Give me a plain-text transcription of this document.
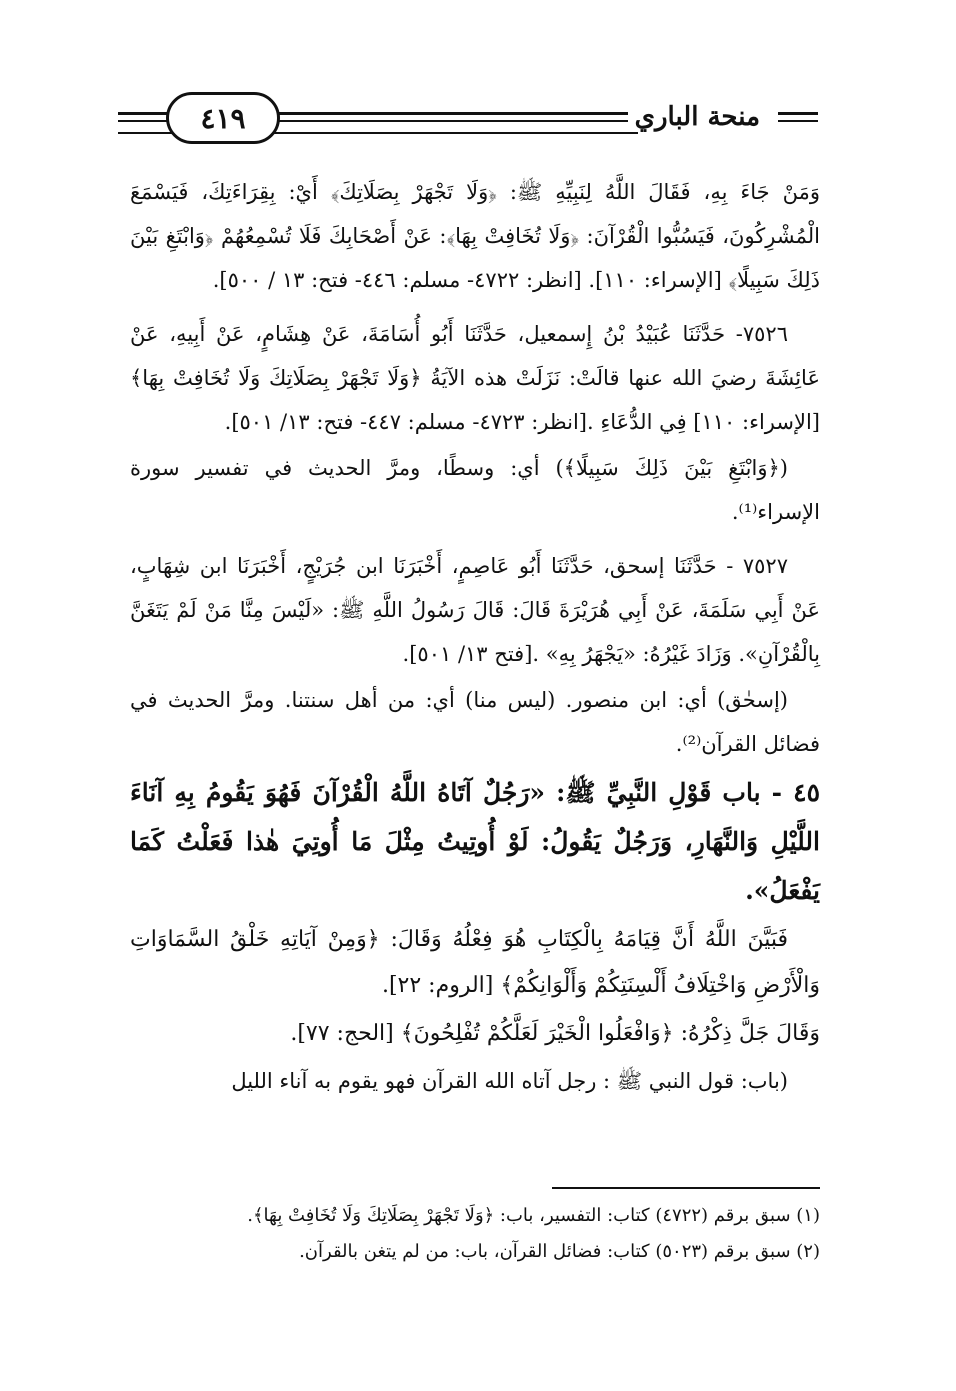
٤١٩	منحة الباري

وَمَنْ جَاءَ بِهِ، فَقَالَ اللَّهُ لِنَبِيِّهِ ﷺ: ﴿وَلَا تَجْهَرْ بِصَلَاتِكَ﴾ أَيْ: بِقِرَاءَتِكَ، فَيَسْمَعَ الْمُشْرِكُونَ، فَيَسُبُّوا الْقُرْآنَ: ﴿وَلَا تُخَافِتْ بِهَا﴾: عَنْ أَصْحَابِكَ فَلَا تُسْمِعُهُمْ ﴿وَابْتَغِ بَيْنَ ذَلِكَ سَبِيلًا﴾ [الإسراء: ١١٠]. [انظر: ٤٧٢٢- مسلم: ٤٤٦- فتح: ١٣ / ٥٠٠].

٧٥٢٦- حَدَّثَنَا عُبَيْدُ بْنُ إِسمعيل، حَدَّثَنَا أَبُو أُسَامَةَ، عَنْ هِشَامٍ، عَنْ أَبِيهِ، عَنْ عَائِشَةَ رضيَ الله عنها قالَتْ: نَزَلَتْ هذه الآيَةُ ﴿وَلَا تَجْهَرْ بِصَلَاتِكَ وَلَا تُخَافِتْ بِهَا﴾ [الإسراء: ١١٠] فِي الدُّعَاءِ .[انظر: ٤٧٢٣- مسلم: ٤٤٧- فتح: ١٣/ ٥٠١].

(﴿وَابْتَغِ بَيْنَ ذَلِكَ سَبِيلًا﴾) أي: وسطًا، ومرَّ الحديث في تفسير سورة الإسراء⁽¹⁾.

٧٥٢٧ - حَدَّثَنَا إسحق، حَدَّثَنَا أَبُو عَاصِمٍ، أَخْبَرَنَا ابن جُرَيْجٍ، أَخْبَرَنَا ابن شِهَابٍ، عَنْ أَبِي سَلَمَةَ، عَنْ أَبِي هُرَيْرَةَ قَالَ: قَالَ رَسُولُ اللَّهِ ﷺ: «لَيْسَ مِنَّا مَنْ لَمْ يَتَغَنَّ بِالْقُرْآنِ». وَزَادَ غَيْرُهُ: «يَجْهَرُ بِهِ» .[فتح ١٣/ ٥٠١].

(إسحٰق) أي: ابن منصور. (ليس منا) أي: من أهل سنتنا. ومرَّ الحديث في فضائل القرآن⁽²⁾.

٤٥ - باب قَوْلِ النَّبِيِّ ﷺ: «رَجُلٌ آتَاهُ اللَّهُ الْقُرْآنَ فَهُوَ يَقُومُ بِهِ آنَاءَ اللَّيْلِ وَالنَّهَارِ، وَرَجُلٌ يَقُولُ: لَوْ أُوتِيتُ مِثْلَ مَا أُوتِيَ هٰذا فَعَلْتُ كَمَا يَفْعَلُ».

فَبَيَّنَ اللَّهُ أَنَّ قِيَامَهُ بِالْكِتَابِ هُوَ فِعْلُهُ وَقَالَ: ﴿وَمِنْ آيَاتِهِ خَلْقُ السَّمَاوَاتِ وَالْأَرْضِ وَاخْتِلَافُ أَلْسِنَتِكُمْ وَأَلْوَانِكُمْ﴾ [الروم: ٢٢].

وَقَالَ جَلَّ ذِكْرُهُ: ﴿وَافْعَلُوا الْخَيْرَ لَعَلَّكُمْ تُفْلِحُونَ﴾ [الحج: ٧٧].

(باب: قول النبي ﷺ : رجل آتاه الله القرآن فهو يقوم به آناء الليل

(١) سبق برقم (٤٧٢٢) كتاب: التفسير، باب: ﴿وَلَا تَجْهَرْ بِصَلَاتِكَ وَلَا تُخَافِتْ بِهَا﴾.

(٢) سبق برقم (٥٠٢٣) كتاب: فضائل القرآن، باب: من لم يتغن بالقرآن.
